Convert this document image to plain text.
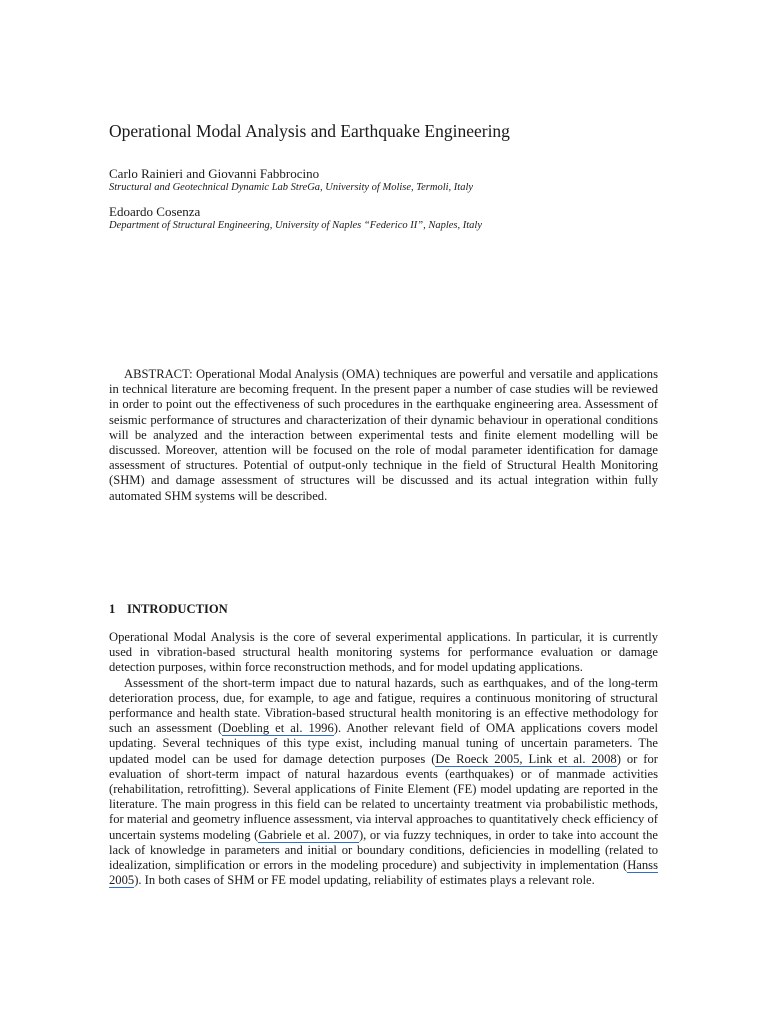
Operational Modal Analysis and Earthquake Engineering

Carlo Rainieri and Giovanni Fabbrocino

Structural and Geotechnical Dynamic Lab StreGa, University of Molise, Termoli, Italy

Edoardo Cosenza

Department of Structural Engineering, University of Naples “Federico II”, Naples, Italy

ABSTRACT: Operational Modal Analysis (OMA) techniques are powerful and versatile and applications in technical literature are becoming frequent. In the present paper a number of case studies will be reviewed in order to point out the effectiveness of such procedures in the earthquake engineering area. Assessment of seismic performance of structures and characterization of their dynamic behaviour in operational conditions will be analyzed and the interaction between experimental tests and finite element modelling will be discussed. Moreover, attention will be focused on the role of modal parameter identification for damage assessment of structures. Potential of output-only technique in the field of Structural Health Monitoring (SHM) and damage assessment of structures will be discussed and its actual integration within fully automated SHM systems will be described.

1 INTRODUCTION

Operational Modal Analysis is the core of several experimental applications. In particular, it is currently used in vibration-based structural health monitoring systems for performance evaluation or damage detection purposes, within force reconstruction methods, and for model updating applications.

Assessment of the short-term impact due to natural hazards, such as earthquakes, and of the long-term deterioration process, due, for example, to age and fatigue, requires a continuous monitoring of structural performance and health state. Vibration-based structural health monitoring is an effective methodology for such an assessment (Doebling et al. 1996). Another relevant field of OMA applications covers model updating. Several techniques of this type exist, including manual tuning of uncertain parameters. The updated model can be used for damage detection purposes (De Roeck 2005, Link et al. 2008) or for evaluation of short-term impact of natural hazardous events (earthquakes) or of manmade activities (rehabilitation, retrofitting). Several applications of Finite Element (FE) model updating are reported in the literature. The main progress in this field can be related to uncertainty treatment via probabilistic methods, for material and geometry influence assessment, via interval approaches to quantitatively check efficiency of uncertain systems modeling (Gabriele et al. 2007), or via fuzzy techniques, in order to take into account the lack of knowledge in parameters and initial or boundary conditions, deficiencies in modelling (related to idealization, simplification or errors in the modeling procedure) and subjectivity in implementation (Hanss 2005). In both cases of SHM or FE model updating, reliability of estimates plays a relevant role.
